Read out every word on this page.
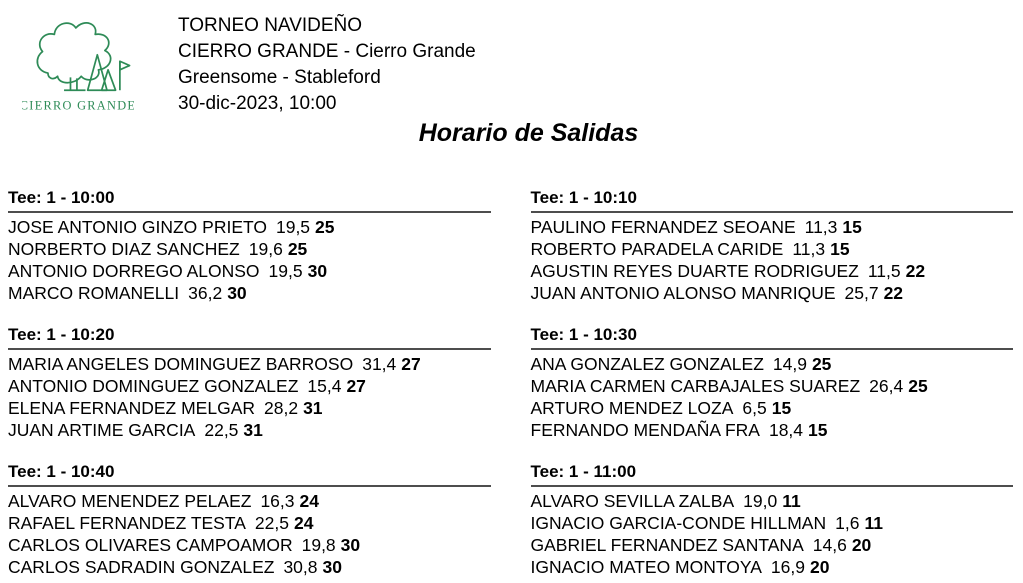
CIERRO GRANDE
TORNEO NAVIDEÑO
CIERRO GRANDE - Cierro Grande
Greensome - Stableford
30-dic-2023, 10:00
Horario de Salidas
Tee: 1 - 10:00
JOSE ANTONIO GINZO PRIETO 19,5 25
NORBERTO DIAZ SANCHEZ 19,6 25
ANTONIO DORREGO ALONSO 19,5 30
MARCO ROMANELLI 36,2 30
Tee: 1 - 10:10
PAULINO FERNANDEZ SEOANE 11,3 15
ROBERTO PARADELA CARIDE 11,3 15
AGUSTIN REYES DUARTE RODRIGUEZ 11,5 22
JUAN ANTONIO ALONSO MANRIQUE 25,7 22
Tee: 1 - 10:20
MARIA ANGELES DOMINGUEZ BARROSO 31,4 27
ANTONIO DOMINGUEZ GONZALEZ 15,4 27
ELENA FERNANDEZ MELGAR 28,2 31
JUAN ARTIME GARCIA 22,5 31
Tee: 1 - 10:30
ANA GONZALEZ GONZALEZ 14,9 25
MARIA CARMEN CARBAJALES SUAREZ 26,4 25
ARTURO MENDEZ LOZA 6,5 15
FERNANDO MENDAÑA FRA 18,4 15
Tee: 1 - 10:40
ALVARO MENENDEZ PELAEZ 16,3 24
RAFAEL FERNANDEZ TESTA 22,5 24
CARLOS OLIVARES CAMPOAMOR 19,8 30
CARLOS SADRADIN GONZALEZ 30,8 30
Tee: 1 - 11:00
ALVARO SEVILLA ZALBA 19,0 11
IGNACIO GARCIA-CONDE HILLMAN 1,6 11
GABRIEL FERNANDEZ SANTANA 14,6 20
IGNACIO MATEO MONTOYA 16,9 20
